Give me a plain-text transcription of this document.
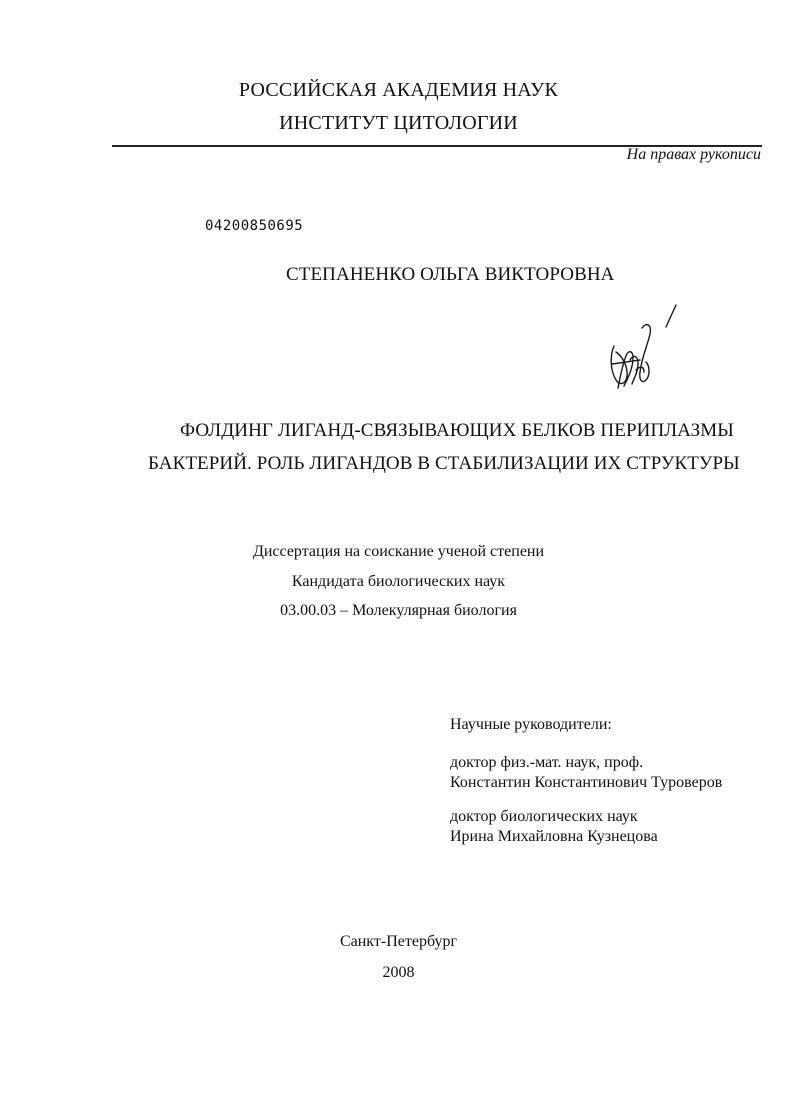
РОССИЙСКАЯ АКАДЕМИЯ НАУК
ИНСТИТУТ ЦИТОЛОГИИ
На правах рукописи
04200850695
СТЕПАНЕНКО ОЛЬГА ВИКТОРОВНА
ФОЛДИНГ ЛИГАНД-СВЯЗЫВАЮЩИХ БЕЛКОВ ПЕРИПЛАЗМЫ
БАКТЕРИЙ. РОЛЬ ЛИГАНДОВ В СТАБИЛИЗАЦИИ ИХ СТРУКТУРЫ
Диссертация на соискание ученой степени
Кандидата биологических наук
03.00.03 – Молекулярная биология
Научные руководители:
доктор физ.-мат. наук, проф.
Константин Константинович Туроверов
доктор биологических наук
Ирина Михайловна Кузнецова
Санкт-Петербург
2008
